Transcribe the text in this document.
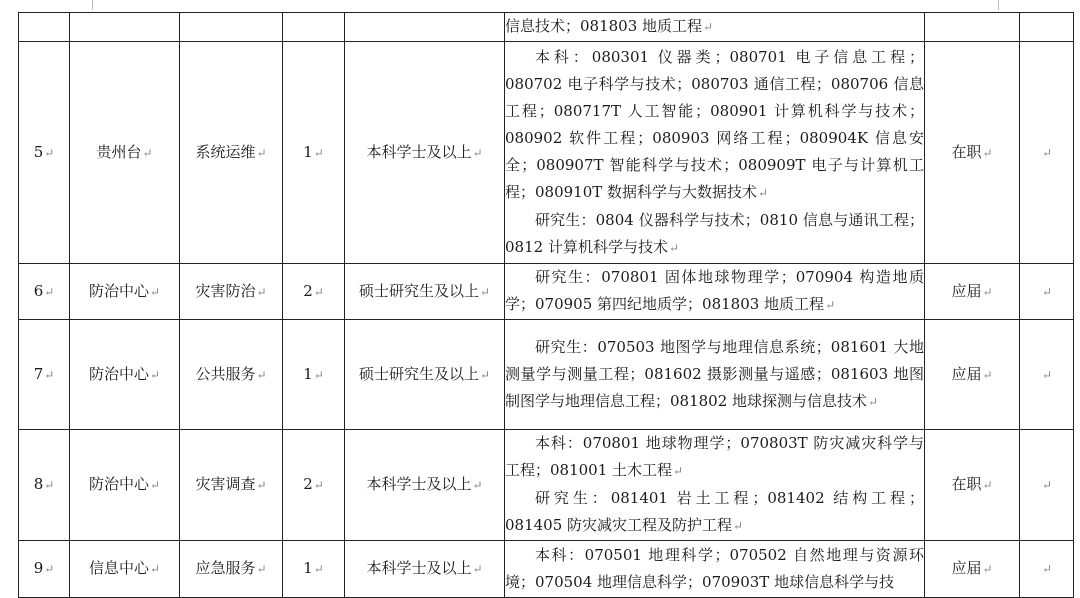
					信息技术；081803 地质工程↵		

5↵	贵州台↵	系统运维↵	1↵	本科学士及以上↵	本科：080301 仪器类；080701 电子信息工程；080702 电子科学与技术；080703 通信工程；080706 信息工程；080717T 人工智能；080901 计算机科学与技术；080902 软件工程；080903 网络工程；080904K 信息安全；080907T 智能科学与技术；080909T 电子与计算机工程；080910T 数据科学与大数据技术↵
研究生：0804 仪器科学与技术；0810 信息与通讯工程；0812 计算机科学与技术↵	在职↵	↵
6↵	防治中心↵	灾害防治↵	2↵	硕士研究生及以上↵	研究生：070801 固体地球物理学；070904 构造地质学；070905 第四纪地质学；081803 地质工程↵	应届↵	↵
7↵	防治中心↵	公共服务↵	1↵	硕士研究生及以上↵	研究生：070503 地图学与地理信息系统；081601 大地测量学与测量工程；081602 摄影测量与遥感；081603 地图制图学与地理信息工程；081802 地球探测与信息技术↵	应届↵	↵
8↵	防治中心↵	灾害调查↵	2↵	本科学士及以上↵	本科：070801 地球物理学；070803T 防灾减灾科学与工程；081001 土木工程↵
研究生：081401 岩土工程；081402 结构工程；081405 防灾减灾工程及防护工程↵	在职↵	↵
9↵	信息中心↵	应急服务↵	1↵	本科学士及以上↵	本科：070501 地理科学；070502 自然地理与资源环境；070504 地理信息科学；070903T 地球信息科学与技	应届↵	↵
